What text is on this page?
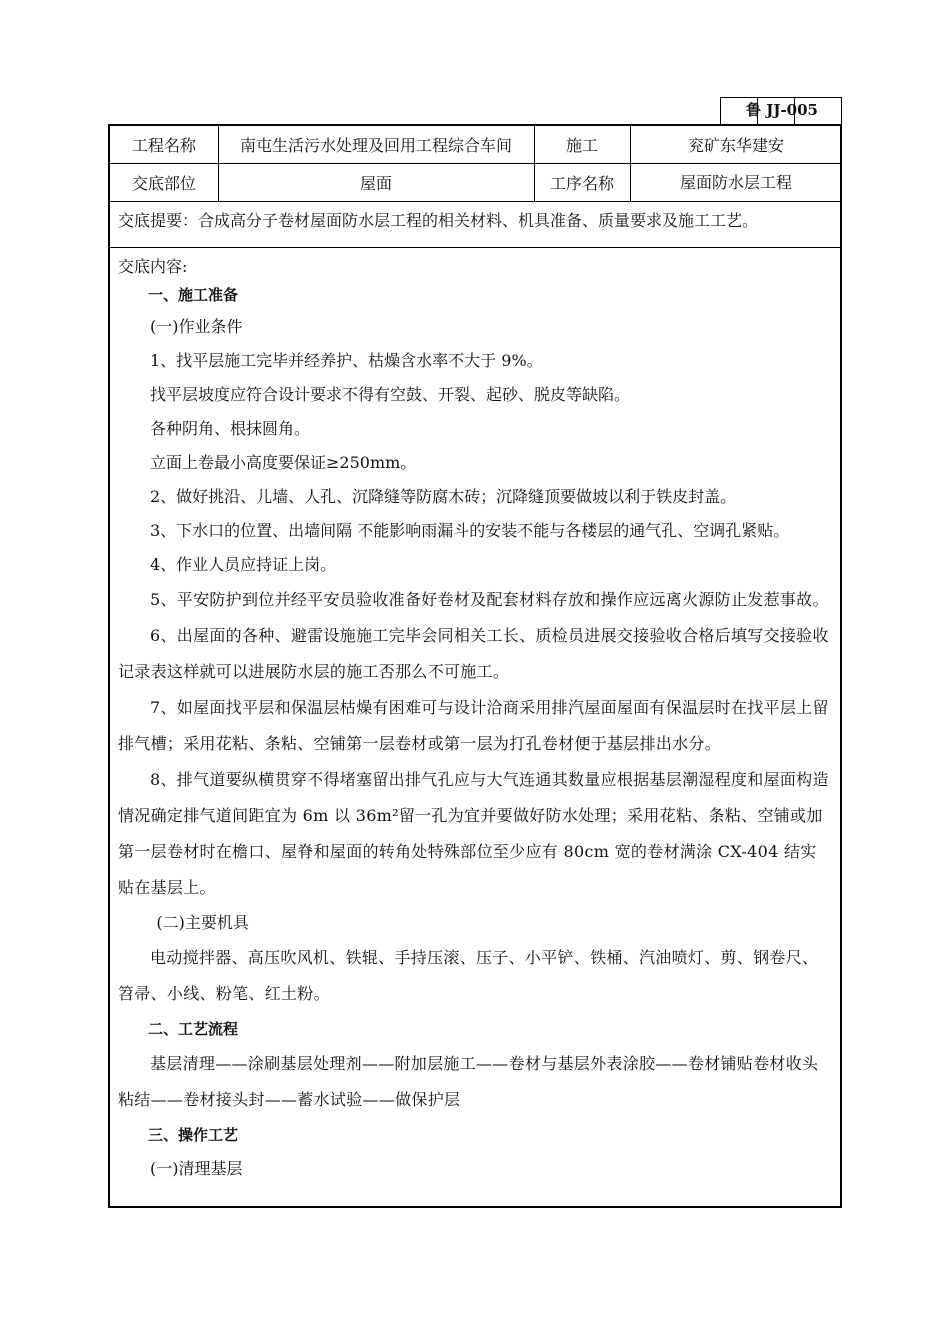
鲁 JJ-005
工程名称	南屯生活污水处理及回用工程综合车间	施工	兖矿东华建安
交底部位	屋面	工序名称	屋面防水层工程
交底提要：合成高分子卷材屋面防水层工程的相关材料、机具准备、质量要求及施工工艺。

交底内容:

一、施工准备

(一)作业条件

1、找平层施工完毕并经养护、枯燥含水率不大于 9%。

找平层坡度应符合设计要求不得有空鼓、开裂、起砂、脱皮等缺陷。

各种阴角、根抹圆角。

立面上卷最小高度要保证≥250mm。

2、做好挑沿、儿墙、人孔、沉降缝等防腐木砖；沉降缝顶要做坡以利于铁皮封盖。

3、下水口的位置、出墙间隔 不能影响雨漏斗的安装不能与各楼层的通气孔、空调孔紧贴。

4、作业人员应持证上岗。

5、平安防护到位并经平安员验收准备好卷材及配套材料存放和操作应远离火源防止发惹事故。

6、出屋面的各种、避雷设施施工完毕会同相关工长、质检员进展交接验收合格后填写交接验收记录表这样就可以进展防水层的施工否那么不可施工。

7、如屋面找平层和保温层枯燥有困难可与设计洽商采用排汽屋面屋面有保温层时在找平层上留排气槽；采用花粘、条粘、空铺第一层卷材或第一层为打孔卷材便于基层排出水分。

8、排气道要纵横贯穿不得堵塞留出排气孔应与大气连通其数量应根据基层潮湿程度和屋面构造情况确定排气道间距宜为 6m 以 36m²留一孔为宜并要做好防水处理；采用花粘、条粘、空铺或加第一层卷材时在檐口、屋脊和屋面的转角处特殊部位至少应有 80cm 宽的卷材满涂 CX-404 结实贴在基层上。

(二)主要机具

电动搅拌器、高压吹风机、铁辊、手持压滚、压子、小平铲、铁桶、汽油喷灯、剪、钢卷尺、笤帚、小线、粉笔、红土粉。

二、工艺流程

基层清理——涂刷基层处理剂——附加层施工——卷材与基层外表涂胶——卷材铺贴卷材收头粘结——卷材接头封——蓄水试验——做保护层

三、操作工艺

(一)清理基层
